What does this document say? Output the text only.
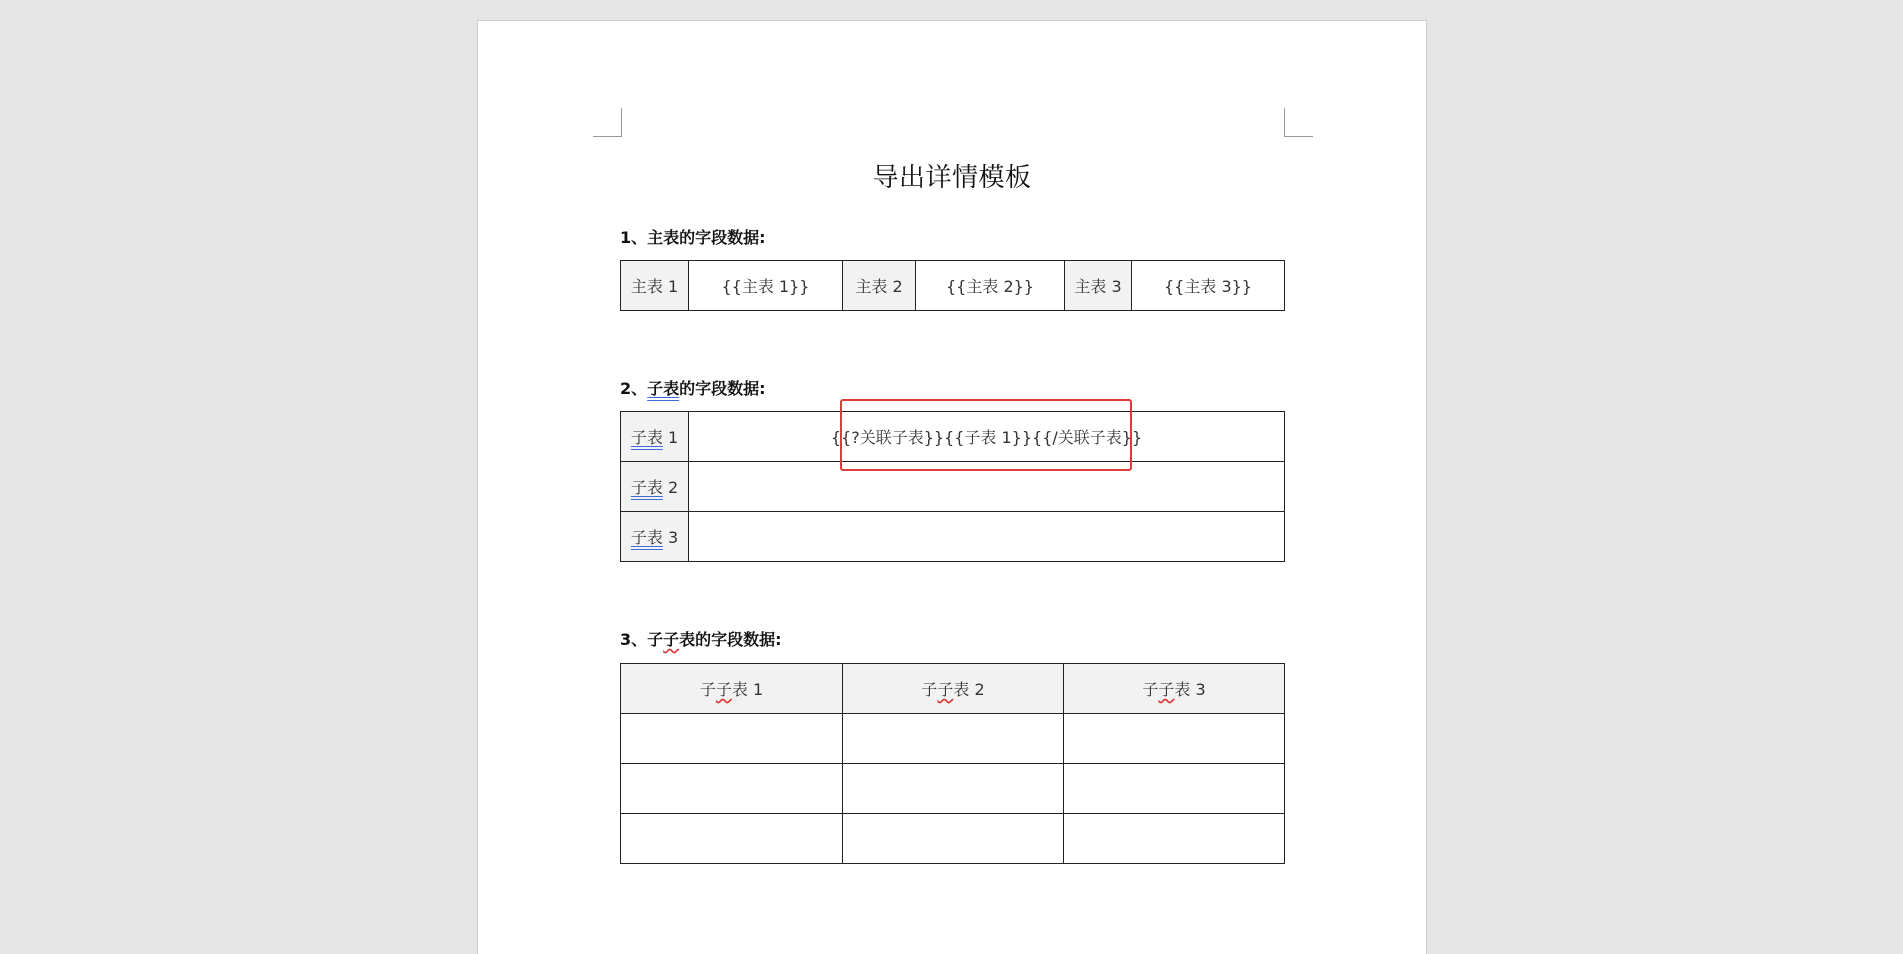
导出详情模板
1、主表的字段数据:
主表 1	{{主表 1}}	主表 2	{{主表 2}}	主表 3	{{主表 3}}
2、子表的字段数据:
子表 1	{{?关联子表}}{{子表 1}}{{/关联子表}}
子表 2	
子表 3	
3、子子表的字段数据:
子子表 1	子子表 2	子子表 3
